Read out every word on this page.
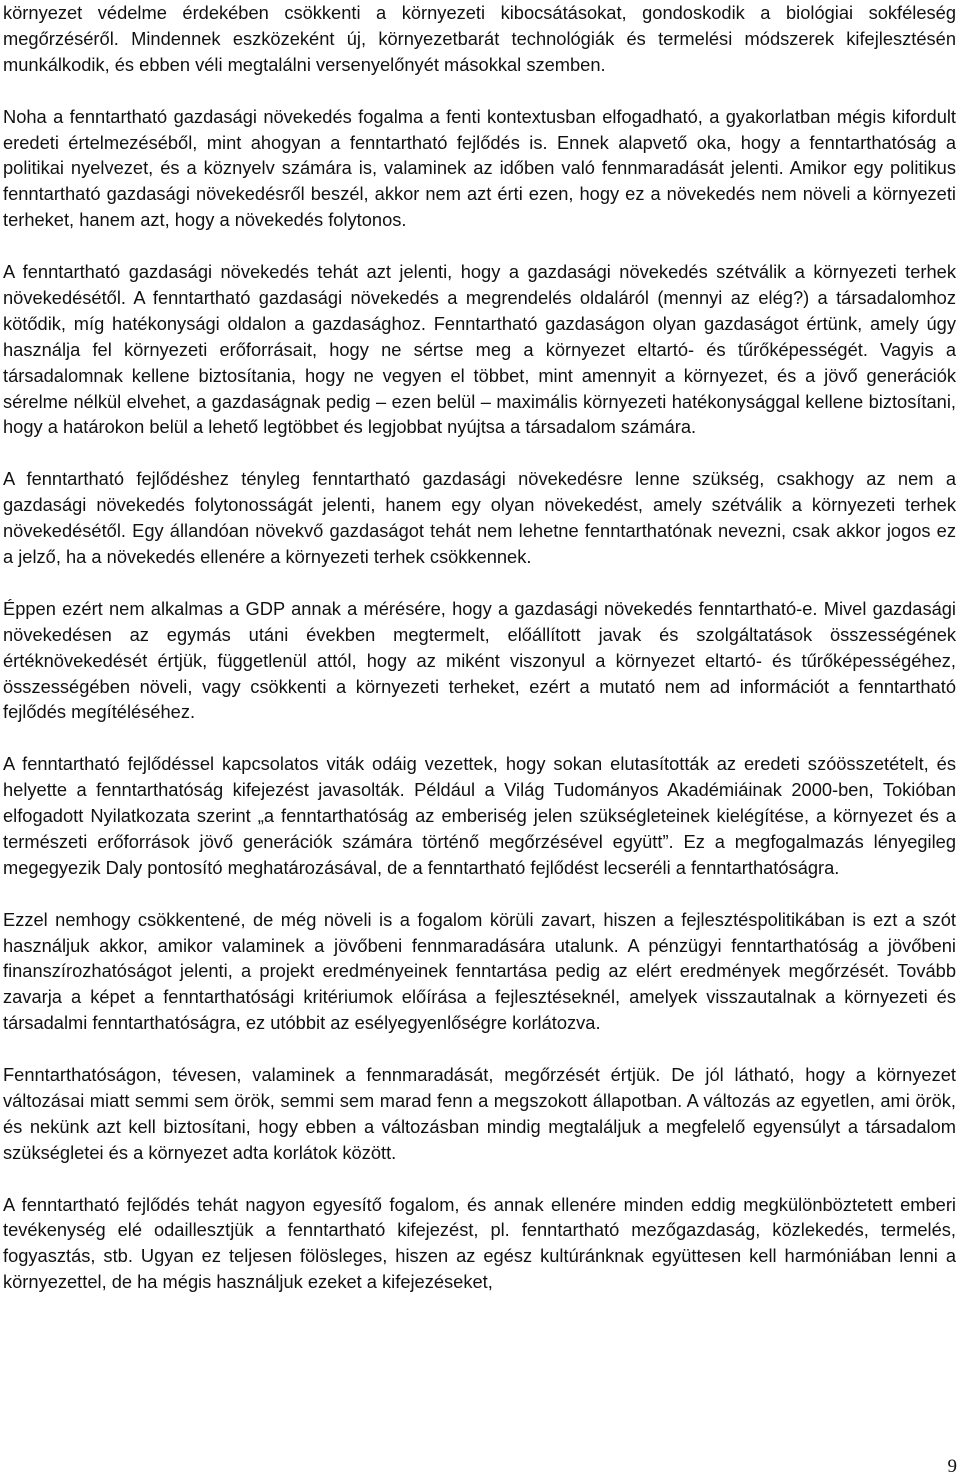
környezet védelme érdekében csökkenti a környezeti kibocsátásokat, gondoskodik a biológiai sokféleség megőrzéséről. Mindennek eszközeként új, környezetbarát technológiák és termelési módszerek kifejlesztésén munkálkodik, és ebben véli megtalálni versenyelőnyét másokkal szemben.

Noha a fenntartható gazdasági növekedés fogalma a fenti kontextusban elfogadható, a gyakorlatban mégis kifordult eredeti értelmezéséből, mint ahogyan a fenntartható fejlődés is. Ennek alapvető oka, hogy a fenntarthatóság a politikai nyelvezet, és a köznyelv számára is, valaminek az időben való fennmaradását jelenti. Amikor egy politikus fenntartható gazdasági növekedésről beszél, akkor nem azt érti ezen, hogy ez a növekedés nem növeli a környezeti terheket, hanem azt, hogy a növekedés folytonos.

A fenntartható gazdasági növekedés tehát azt jelenti, hogy a gazdasági növekedés szétválik a környezeti terhek növekedésétől. A fenntartható gazdasági növekedés a megrendelés oldaláról (mennyi az elég?) a társadalomhoz kötődik, míg hatékonysági oldalon a gazdasághoz. Fenntartható gazdaságon olyan gazdaságot értünk, amely úgy használja fel környezeti erőforrásait, hogy ne sértse meg a környezet eltartó- és tűrőképességét. Vagyis a társadalomnak kellene biztosítania, hogy ne vegyen el többet, mint amennyit a környezet, és a jövő generációk sérelme nélkül elvehet, a gazdaságnak pedig – ezen belül – maximális környezeti hatékonysággal kellene biztosítani, hogy a határokon belül a lehető legtöbbet és legjobbat nyújtsa a társadalom számára.

A fenntartható fejlődéshez tényleg fenntartható gazdasági növekedésre lenne szükség, csakhogy az nem a gazdasági növekedés folytonosságát jelenti, hanem egy olyan növekedést, amely szétválik a környezeti terhek növekedésétől. Egy állandóan növekvő gazdaságot tehát nem lehetne fenntarthatónak nevezni, csak akkor jogos ez a jelző, ha a növekedés ellenére a környezeti terhek csökkennek.

Éppen ezért nem alkalmas a GDP annak a mérésére, hogy a gazdasági növekedés fenntartható-e. Mivel gazdasági növekedésen az egymás utáni években megtermelt, előállított javak és szolgáltatások összességének értéknövekedését értjük, függetlenül attól, hogy az miként viszonyul a környezet eltartó- és tűrőképességéhez, összességében növeli, vagy csökkenti a környezeti terheket, ezért a mutató nem ad információt a fenntartható fejlődés megítéléséhez.

A fenntartható fejlődéssel kapcsolatos viták odáig vezettek, hogy sokan elutasították az eredeti szóösszetételt, és helyette a fenntarthatóság kifejezést javasolták. Például a Világ Tudományos Akadémiáinak 2000-ben, Tokióban elfogadott Nyilatkozata szerint „a fenntarthatóság az emberiség jelen szükségleteinek kielégítése, a környezet és a természeti erőforrások jövő generációk számára történő megőrzésével együtt”. Ez a megfogalmazás lényegileg megegyezik Daly pontosító meghatározásával, de a fenntartható fejlődést lecseréli a fenntarthatóságra.

Ezzel nemhogy csökkentené, de még növeli is a fogalom körüli zavart, hiszen a fejlesztéspolitikában is ezt a szót használjuk akkor, amikor valaminek a jövőbeni fennmaradására utalunk. A pénzügyi fenntarthatóság a jövőbeni finanszírozhatóságot jelenti, a projekt eredményeinek fenntartása pedig az elért eredmények megőrzését. Tovább zavarja a képet a fenntarthatósági kritériumok előírása a fejlesztéseknél, amelyek visszautalnak a környezeti és társadalmi fenntarthatóságra, ez utóbbit az esélyegyenlőségre korlátozva.

Fenntarthatóságon, tévesen, valaminek a fennmaradását, megőrzését értjük. De jól látható, hogy a környezet változásai miatt semmi sem örök, semmi sem marad fenn a megszokott állapotban. A változás az egyetlen, ami örök, és nekünk azt kell biztosítani, hogy ebben a változásban mindig megtaláljuk a megfelelő egyensúlyt a társadalom szükségletei és a környezet adta korlátok között.

A fenntartható fejlődés tehát nagyon egyesítő fogalom, és annak ellenére minden eddig megkülönböztetett emberi tevékenység elé odaillesztjük a fenntartható kifejezést, pl. fenntartható mezőgazdaság, közlekedés, termelés, fogyasztás, stb. Ugyan ez teljesen fölösleges, hiszen az egész kultúránknak együttesen kell harmóniában lenni a környezettel, de ha mégis használjuk ezeket a kifejezéseket,

9
